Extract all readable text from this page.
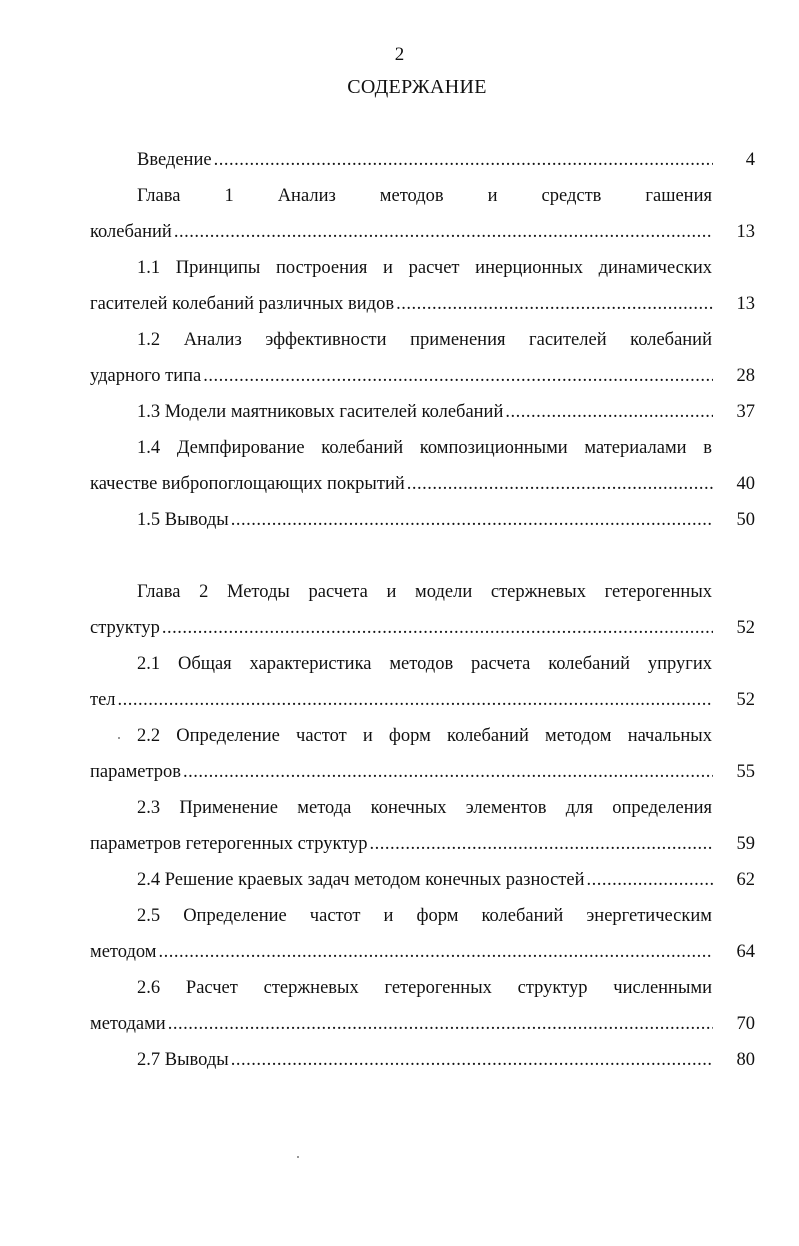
2
СОДЕРЖАНИЕ
Введение .....	4
Глава 1 Анализ методов и средств гашения
колебаний .....	13
1.1 Принципы построения и расчет инерционных динамических
гасителей колебаний различных видов .....	13
1.2 Анализ эффективности применения гасителей колебаний
ударного типа .....	28
1.3 Модели маятниковых гасителей колебаний .....	37
1.4 Демпфирование колебаний композиционными материалами в
качестве вибропоглощающих покрытий .....	40
1.5 Выводы .....	50
Глава 2 Методы расчета и модели стержневых гетерогенных
структур .....	52
2.1 Общая характеристика методов расчета колебаний упругих
тел .....	52
2.2 Определение частот и форм колебаний методом начальных
параметров .....	55
2.3 Применение метода конечных элементов для определения
параметров гетерогенных структур .....	59
2.4 Решение краевых задач методом конечных разностей .....	62
2.5 Определение частот и форм колебаний энергетическим
методом .....	64
2.6 Расчет стержневых гетерогенных структур численными
методами .....	70
2.7 Выводы .....	80
